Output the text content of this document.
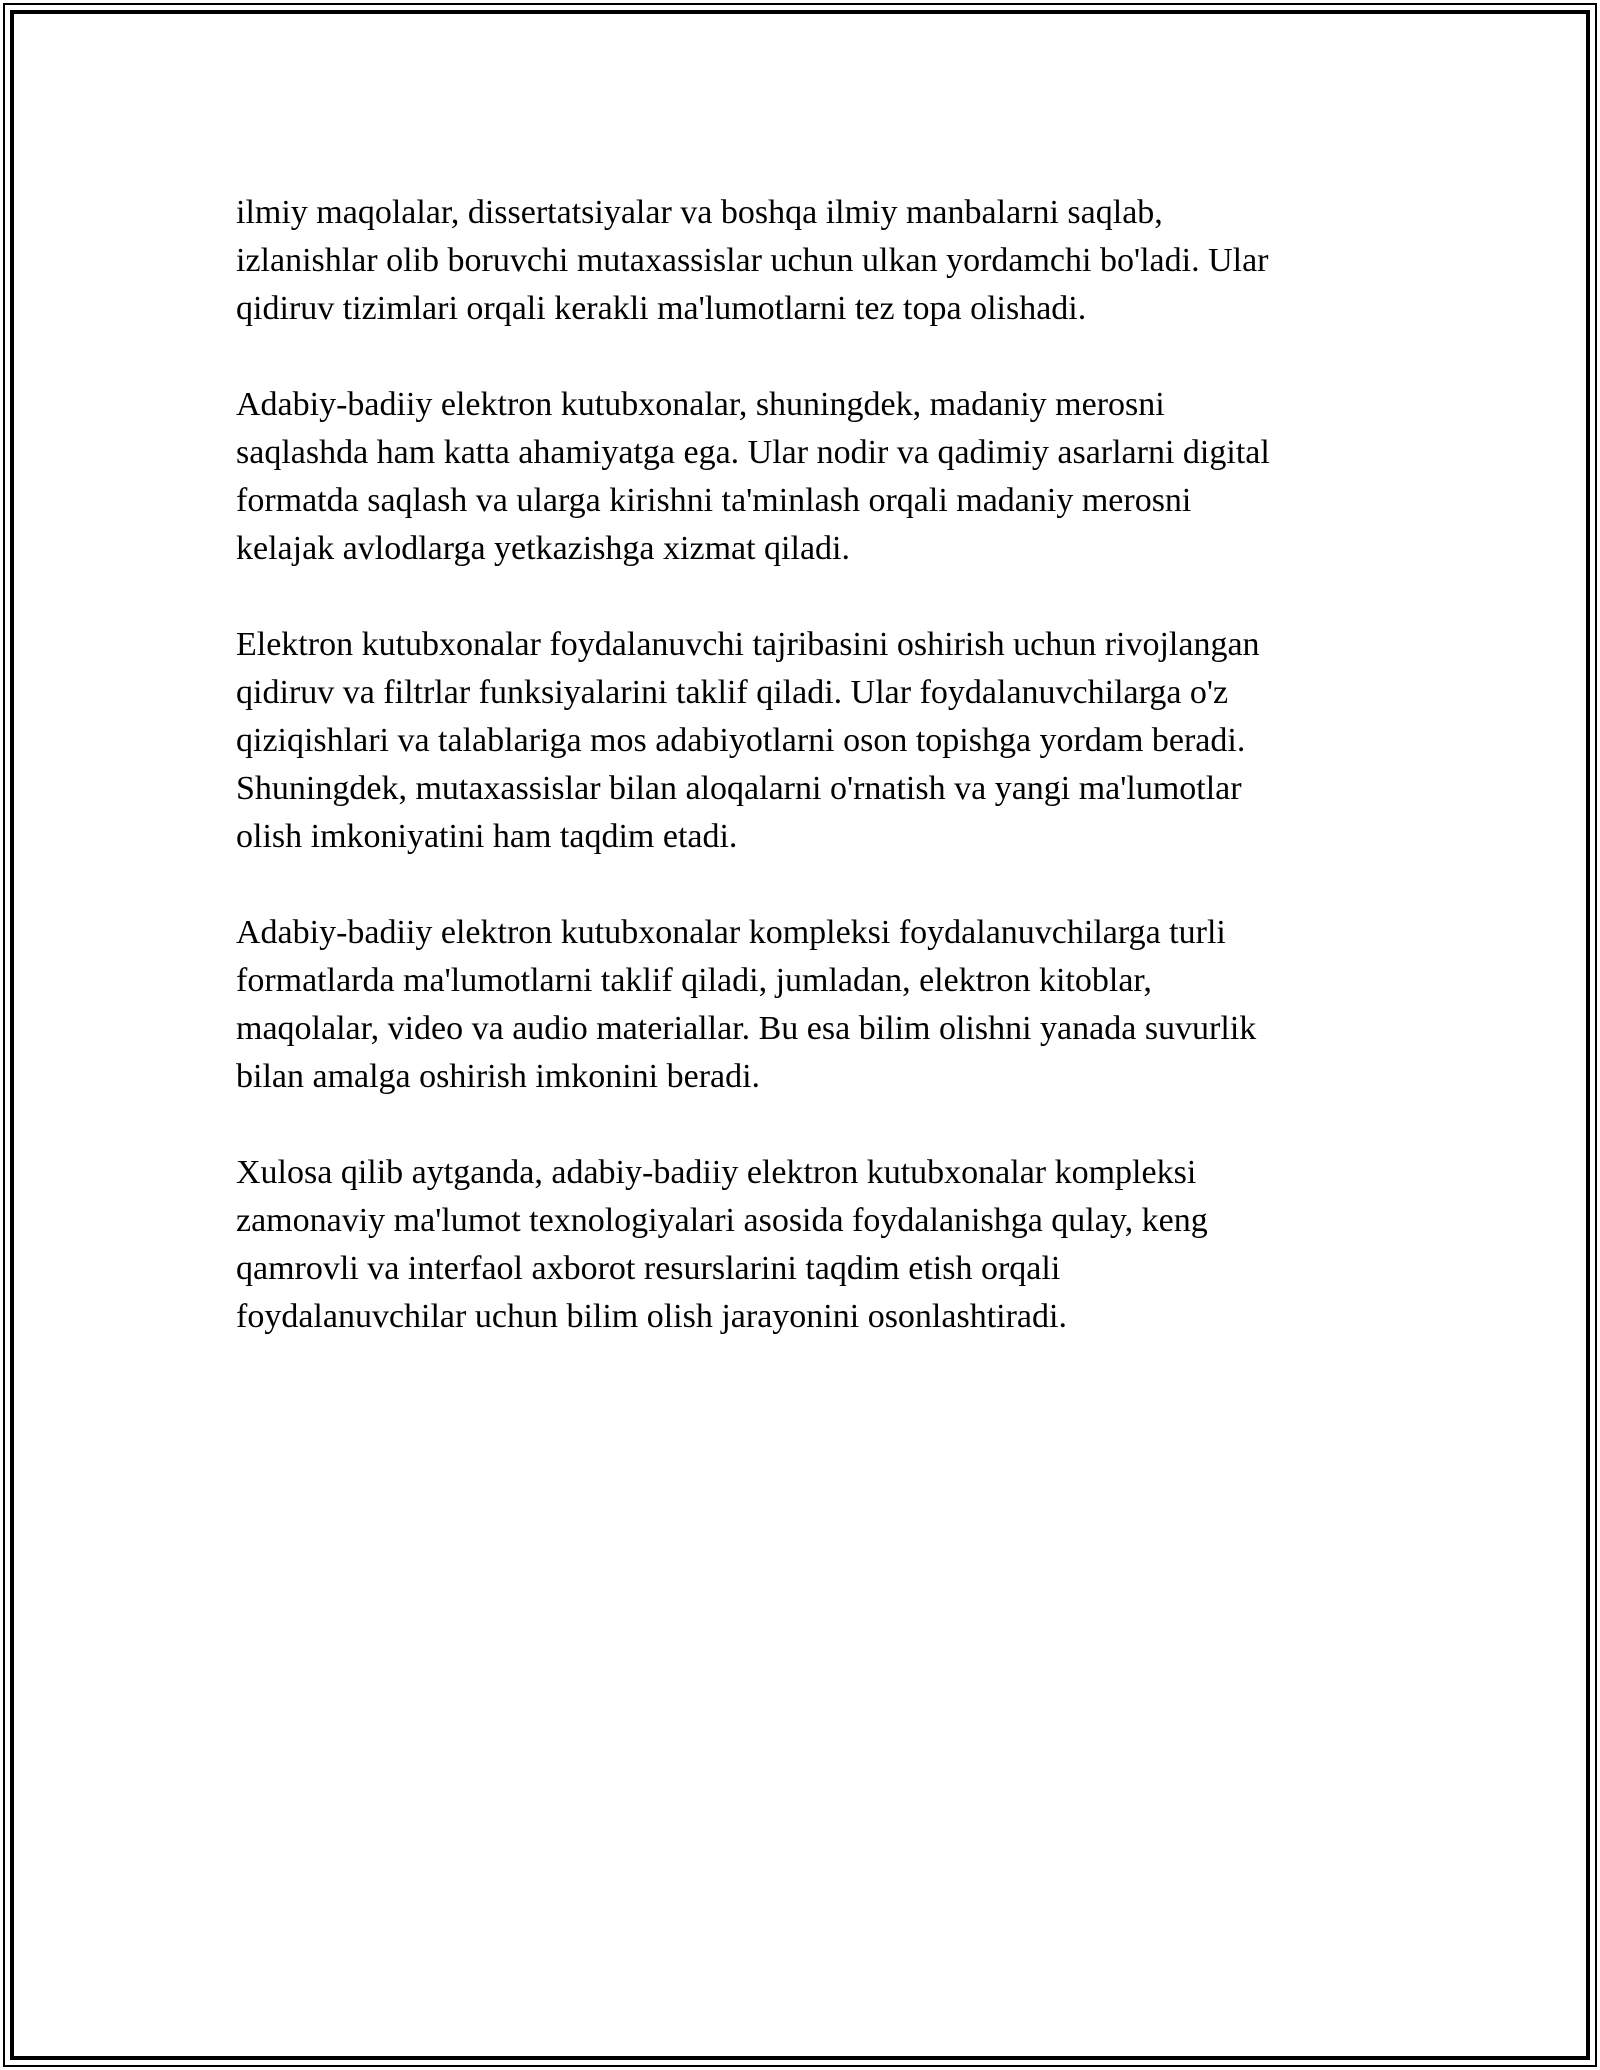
ilmiy maqolalar, dissertatsiyalar va boshqa ilmiy manbalarni saqlab,
izlanishlar olib boruvchi mutaxassislar uchun ulkan yordamchi bo'ladi. Ular
qidiruv tizimlari orqali kerakli ma'lumotlarni tez topa olishadi.
Adabiy-badiiy elektron kutubxonalar, shuningdek, madaniy merosni
saqlashda ham katta ahamiyatga ega. Ular nodir va qadimiy asarlarni digital
formatda saqlash va ularga kirishni ta'minlash orqali madaniy merosni
kelajak avlodlarga yetkazishga xizmat qiladi.
Elektron kutubxonalar foydalanuvchi tajribasini oshirish uchun rivojlangan
qidiruv va filtrlar funksiyalarini taklif qiladi. Ular foydalanuvchilarga o'z
qiziqishlari va talablariga mos adabiyotlarni oson topishga yordam beradi.
Shuningdek, mutaxassislar bilan aloqalarni o'rnatish va yangi ma'lumotlar
olish imkoniyatini ham taqdim etadi.
Adabiy-badiiy elektron kutubxonalar kompleksi foydalanuvchilarga turli
formatlarda ma'lumotlarni taklif qiladi, jumladan, elektron kitoblar,
maqolalar, video va audio materiallar. Bu esa bilim olishni yanada suvurlik
bilan amalga oshirish imkonini beradi.
Xulosa qilib aytganda, adabiy-badiiy elektron kutubxonalar kompleksi
zamonaviy ma'lumot texnologiyalari asosida foydalanishga qulay, keng
qamrovli va interfaol axborot resurslarini taqdim etish orqali
foydalanuvchilar uchun bilim olish jarayonini osonlashtiradi.
